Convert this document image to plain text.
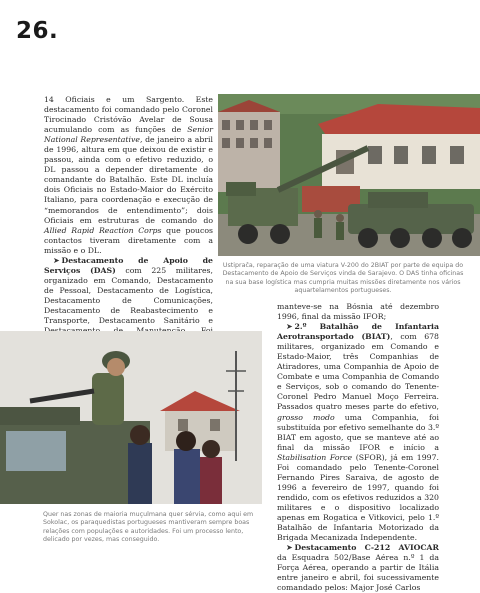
26.

14 Oficiais e um Sargento. Este destacamento foi comandado pelo Coronel Tirocinado Cristóvão Avelar de Sousa acumulando com as funções de Senior National Representative, de janeiro a abril de 1996, altura em que deixou de existir e passou, ainda com o efetivo reduzido, o DL passou a depender diretamente do comandante do Batalhão. Este DL incluía dois Oficiais no Estado-Maior do Exército Italiano, para coordenação e execução de “memorandos de entendimento”; dois Oficiais em estruturas de comando do Allied Rapid Reaction Corps que poucos contactos tiveram diretamente com a missão e o DL.

➤ Destacamento de Apoio de Serviços (DAS) com 225 militares, organizado em Comando, Destacamento de Pessoal, Destacamento de Logística, Destacamento de Comunicações, Destacamento de Reabastecimento e Transporte, Destacamento Sanitário e

Ustiprača, reparação de uma viatura V-200 do 2BIAT por parte de equipa do Destacamento de Apoio de Serviços vinda de Sarajevo. O DAS tinha oficinas na sua base logística mas cumpria muitas missões diretamente nos vários aquartelamentos portugueses.
Quer nas zonas de maioria muçulmana quer sérvia, como aqui em Sokolac, os paraquedistas portugueses mantiveram sempre boas relações com populações e autoridades. Foi um processo lento, delicado por vezes, mas conseguido.

manteve-se na Bósnia até dezembro 1996, final da missão IFOR;

➤ 2.º Batalhão de Infantaria Aerotransportado (BIAT), com 678 militares, organizado em Comando e Estado-Maior, três Companhias de Atiradores, uma Companhia de Apoio de Combate e uma Companhia de Comando e Serviços, sob o comando do Tenente-Coronel Pedro Manuel Moço Ferreira. Passados quatro meses parte do efetivo, grosso modo uma Companhia, foi substituída por efetivo semelhante do 3.º BIAT em agosto, que se manteve até ao final da missão IFOR e início a Stabilisation Force (SFOR), já em 1997. Foi comandado pelo Tenente-Coronel Fernando Pires Saraiva, de agosto de 1996 a fevereiro de 1997, quando foi rendido, com os efetivos reduzidos a 320 militares e o dispositivo localizado apenas em Rogatica e Vitkovici, pelo 1.º Batalhão de Infantaria Motorizado da Brigada Mecanizada Independente.

➤ Destacamento C-212 AVIOCAR da Esquadra 502/Base Aérea n.º 1 da Força Aérea, operando a partir de Itália entre janeiro e abril, foi sucessivamente comandado pelos: Major José Carlos
